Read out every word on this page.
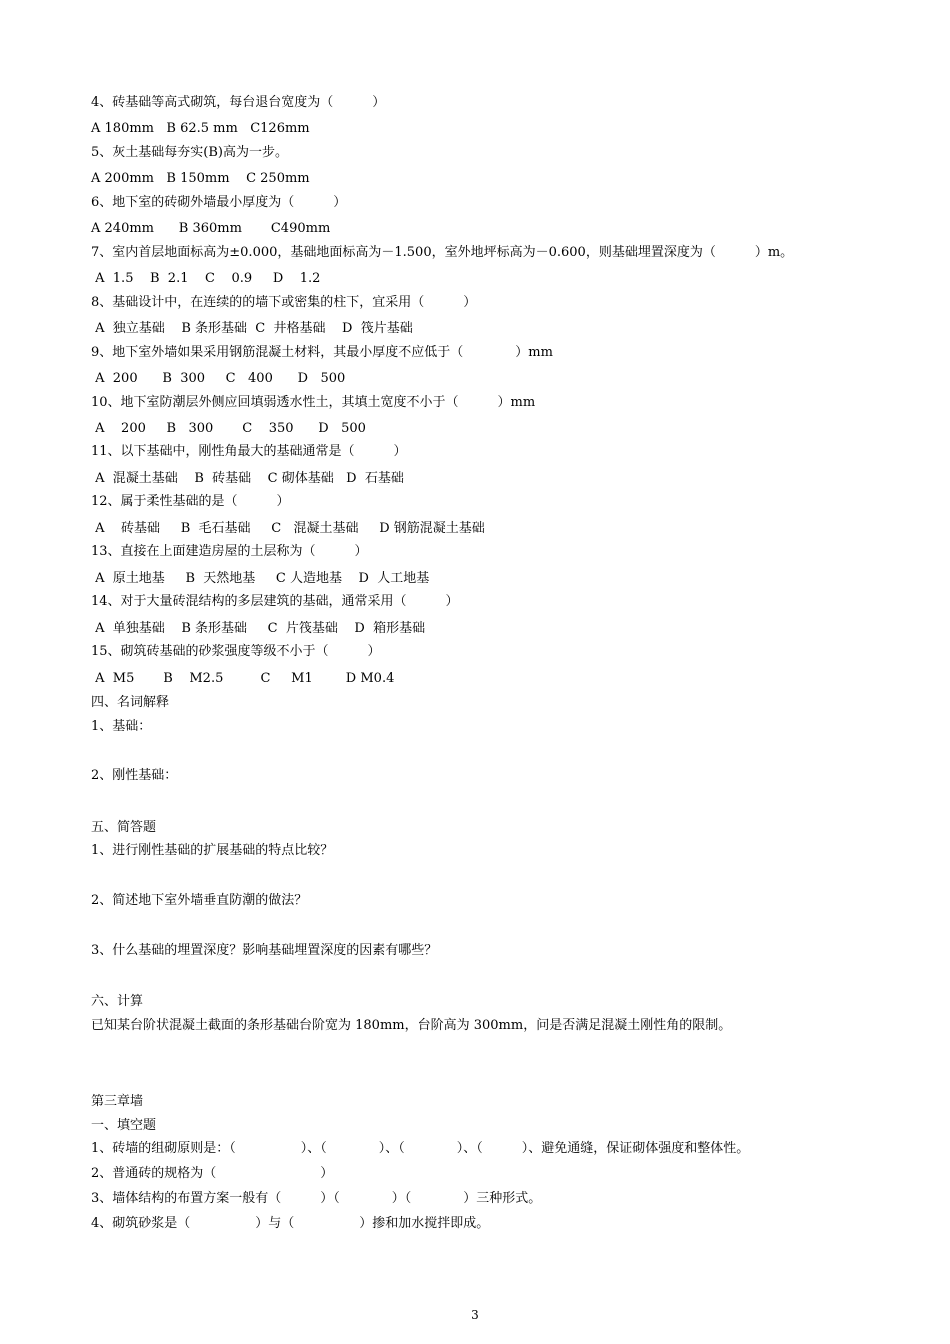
4、砖基础等高式砌筑，每台退台宽度为（　　　）
A 180mm   B 62.5 mm   C126mm
5、灰土基础每夯实(B)高为一步。
A 200mm   B 150mm    C 250mm
6、地下室的砖砌外墙最小厚度为（　　　）
A 240mm      B 360mm       C490mm
7、室内首层地面标高为±0.000，基础地面标高为－1.500，室外地坪标高为－0.600，则基础埋置深度为（　　　）m。
A  1.5    B  2.1    C    0.9     D    1.2
8、基础设计中，在连续的的墙下或密集的柱下，宜采用（　　　）
A  独立基础    B 条形基础  C  井格基础    D  筏片基础
9、地下室外墙如果采用钢筋混凝土材料，其最小厚度不应低于（　　　　）mm
A  200      B  300     C   400      D   500
10、地下室防潮层外侧应回填弱透水性土，其填土宽度不小于（　　　）mm
A    200     B   300       C    350      D   500
11、以下基础中，刚性角最大的基础通常是（　　　）
A  混凝土基础    B  砖基础    C 砌体基础   D  石基础
12、属于柔性基础的是（　　　）
A    砖基础     B  毛石基础     C   混凝土基础     D 钢筋混凝土基础
13、直接在上面建造房屋的土层称为（　　　）
A  原土地基     B  天然地基     C 人造地基    D  人工地基
14、对于大量砖混结构的多层建筑的基础，通常采用（　　　）
A  单独基础    B 条形基础     C  片筏基础    D  箱形基础
15、砌筑砖基础的砂浆强度等级不小于（　　　）
A  M5       B    M2.5         C     M1        D M0.4
四、名词解释
1、基础：
2、刚性基础：
五、简答题
1、进行刚性基础的扩展基础的特点比较？
2、简述地下室外墙垂直防潮的做法？
3、什么基础的埋置深度？影响基础埋置深度的因素有哪些？
六、计算
已知某台阶状混凝土截面的条形基础台阶宽为 180mm，台阶高为 300mm，问是否满足混凝土刚性角的限制。
第三章墙
一、填空题
1、砖墙的组砌原则是：（　　　　　）、（　　　　）、（　　　　）、（　　　）、避免通缝，保证砌体强度和整体性。
2、普通砖的规格为（　　　　　　　　）
3、墙体结构的布置方案一般有（　　　）（　　　　）（　　　　）三种形式。
4、砌筑砂浆是（　　　　　）与（　　　　　）掺和加水搅拌即成。
3
